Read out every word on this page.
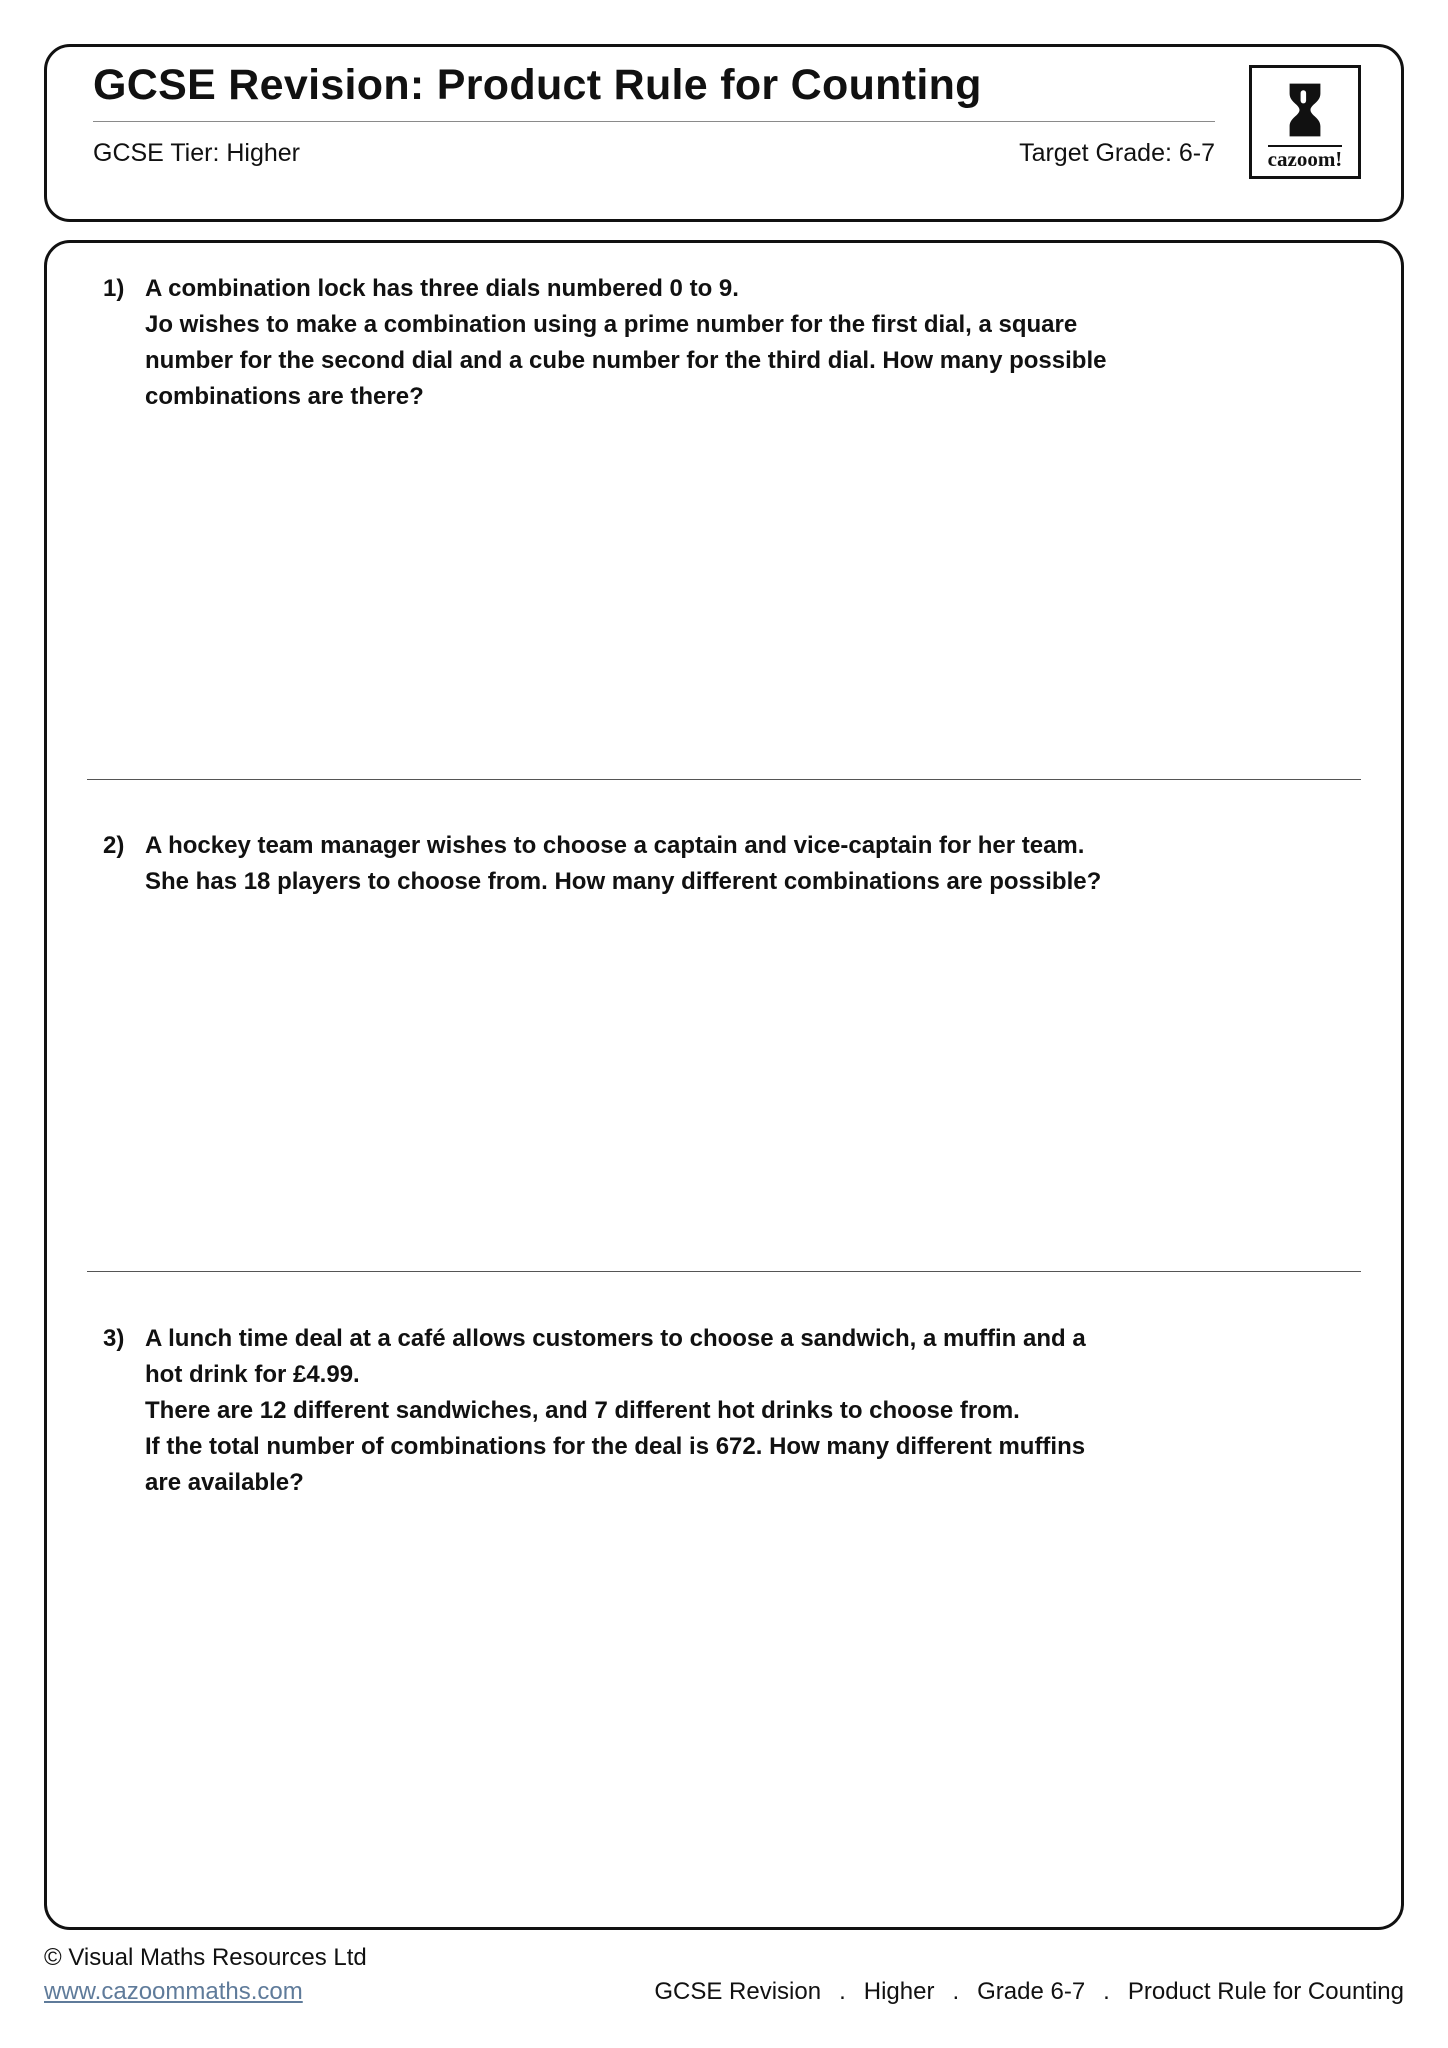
GCSE Revision: Product Rule for Counting
GCSE Tier: Higher	Target Grade: 6-7	cazoom!
1) A combination lock has three dials numbered 0 to 9.
Jo wishes to make a combination using a prime number for the first dial, a square
number for the second dial and a cube number for the third dial. How many possible
combinations are there?
2) A hockey team manager wishes to choose a captain and vice-captain for her team.
She has 18 players to choose from. How many different combinations are possible?
3) A lunch time deal at a café allows customers to choose a sandwich, a muffin and a
hot drink for £4.99.
There are 12 different sandwiches, and 7 different hot drinks to choose from.
If the total number of combinations for the deal is 672. How many different muffins
are available?
© Visual Maths Resources Ltd
www.cazoommaths.com	GCSE Revision . Higher . Grade 6-7 . Product Rule for Counting
